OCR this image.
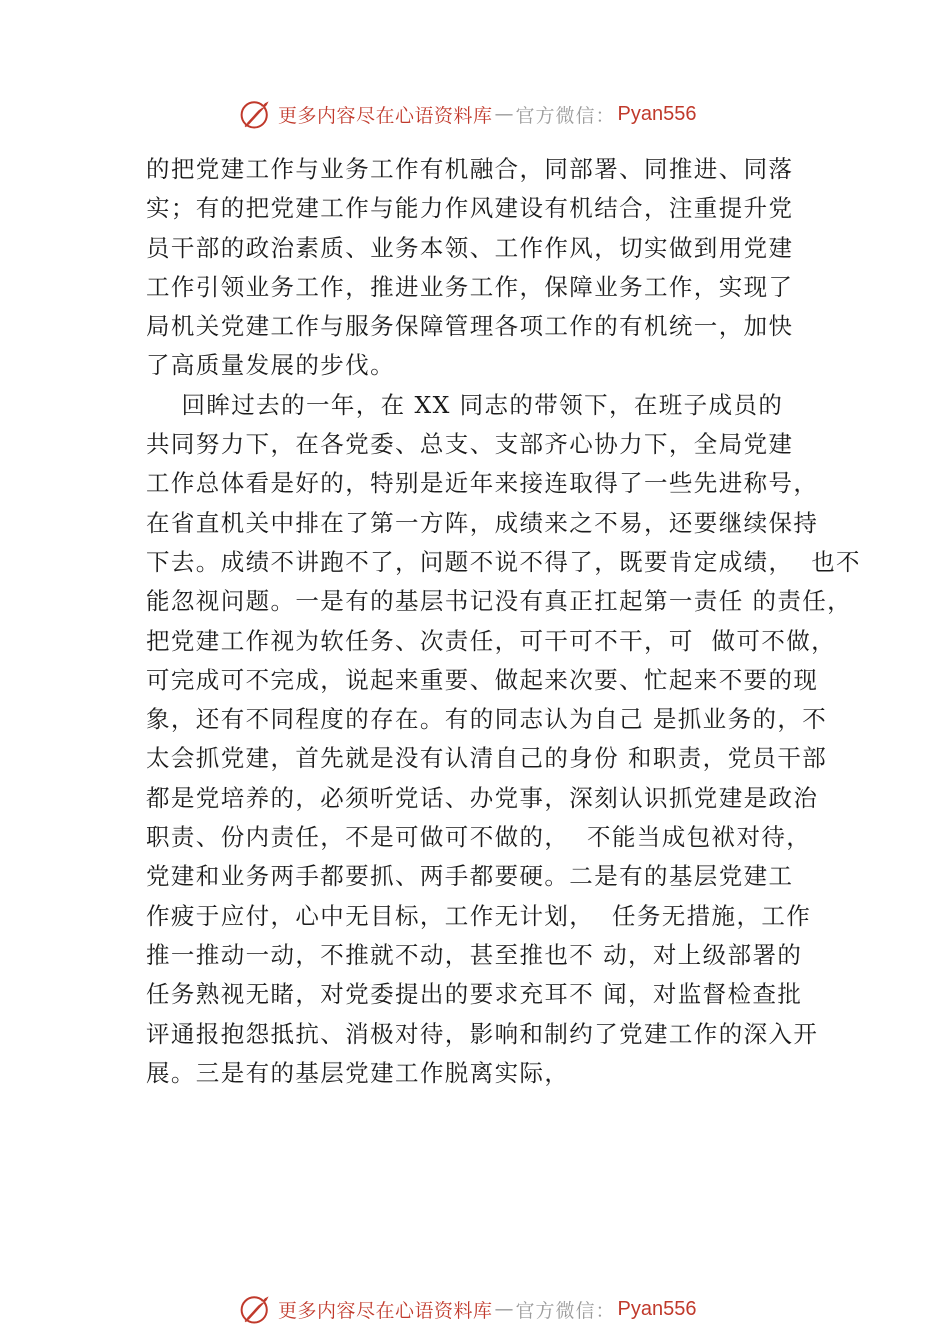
更多内容尽在心语资料库 — 官方微信： Pyan556
的把党建工作与业务工作有机融合，同部署、同推进、同落
实；有的把党建工作与能力作风建设有机结合，注重提升党
员干部的政治素质、业务本领、工作作风，切实做到用党建
工作引领业务工作，推进业务工作，保障业务工作，实现了
局机关党建工作与服务保障管理各项工作的有机统一，加快
了高质量发展的步伐。
回眸过去的一年，在 XX 同志的带领下，在班子成员的
共同努力下，在各党委、总支、支部齐心协力下，全局党建
工作总体看是好的，特别是近年来接连取得了一些先进称号，
在省直机关中排在了第一方阵，成绩来之不易，还要继续保持
下去。成绩不讲跑不了，问题不说不得了，既要肯定成绩，  也不
能忽视问题。一是有的基层书记没有真正扛起第一责任 的责任，
把党建工作视为软任务、次责任，可干可不干，可  做可不做，
可完成可不完成，说起来重要、做起来次要、忙起来不要的现
象，还有不同程度的存在。有的同志认为自己 是抓业务的，不
太会抓党建，首先就是没有认清自己的身份 和职责，党员干部
都是党培养的，必须听党话、办党事，深刻认识抓党建是政治
职责、份内责任，不是可做可不做的，  不能当成包袱对待，
党建和业务两手都要抓、两手都要硬。二是有的基层党建工
作疲于应付，心中无目标，工作无计划，  任务无措施，工作
推一推动一动，不推就不动，甚至推也不 动，对上级部署的
任务熟视无睹，对党委提出的要求充耳不 闻，对监督检查批
评通报抱怨抵抗、消极对待，影响和制约了党建工作的深入开
展。三是有的基层党建工作脱离实际，
更多内容尽在心语资料库 — 官方微信： Pyan556
